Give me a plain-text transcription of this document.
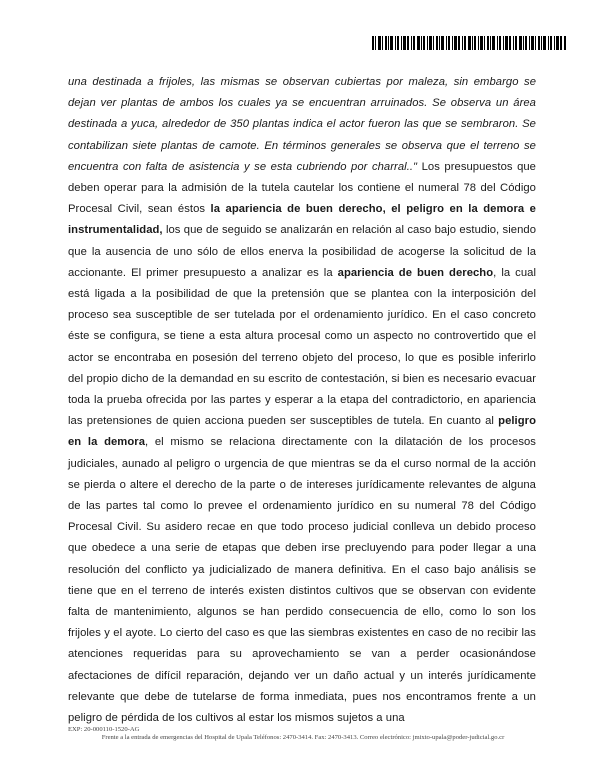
una destinada a frijoles, las mismas se observan cubiertas por maleza, sin embargo se dejan ver plantas de ambos los cuales ya se encuentran arruinados. Se observa un área destinada a yuca, alrededor de 350 plantas indica el actor fueron las que se sembraron. Se contabilizan siete plantas de camote. En términos generales se observa que el terreno se encuentra con falta de asistencia y se esta cubriendo por charral.." Los presupuestos que deben operar para la admisión de la tutela cautelar los contiene el numeral 78 del Código Procesal Civil, sean éstos la apariencia de buen derecho, el peligro en la demora e instrumentalidad, los que de seguido se analizarán en relación al caso bajo estudio, siendo que la ausencia de uno sólo de ellos enerva la posibilidad de acogerse la solicitud de la accionante. El primer presupuesto a analizar es la apariencia de buen derecho, la cual está ligada a la posibilidad de que la pretensión que se plantea con la interposición del proceso sea susceptible de ser tutelada por el ordenamiento jurídico. En el caso concreto éste se configura, se tiene a esta altura procesal como un aspecto no controvertido que el actor se encontraba en posesión del terreno objeto del proceso, lo que es posible inferirlo del propio dicho de la demandad en su escrito de contestación, si bien es necesario evacuar toda la prueba ofrecida por las partes y esperar a la etapa del contradictorio, en apariencia las pretensiones de quien acciona pueden ser susceptibles de tutela. En cuanto al peligro en la demora, el mismo se relaciona directamente con la dilatación de los procesos judiciales, aunado al peligro o urgencia de que mientras se da el curso normal de la acción se pierda o altere el derecho de la parte o de intereses jurídicamente relevantes de alguna de las partes tal como lo prevee el ordenamiento jurídico en su numeral 78 del Código Procesal Civil. Su asidero recae en que todo proceso judicial conlleva un debido proceso que obedece a una serie de etapas que deben irse precluyendo para poder llegar a una resolución del conflicto ya judicializado de manera definitiva. En el caso bajo análisis se tiene que en el terreno de interés existen distintos cultivos que se observan con evidente falta de mantenimiento, algunos se han perdido consecuencia de ello, como lo son los frijoles y el ayote. Lo cierto del caso es que las siembras existentes en caso de no recibir las atenciones requeridas para su aprovechamiento se van a perder ocasionándose afectaciones de difícil reparación, dejando ver un daño actual y un interés jurídicamente relevante que debe de tutelarse de forma inmediata, pues nos encontramos frente a un peligro de pérdida de los cultivos al estar los mismos sujetos a una

EXP: 20-000110-1520-AG
Frente a la entrada de emergencias del Hospital de Upala Teléfonos: 2470-3414. Fax: 2470-3413. Correo electrónico: jmixto-upala@poder-judicial.go.cr
